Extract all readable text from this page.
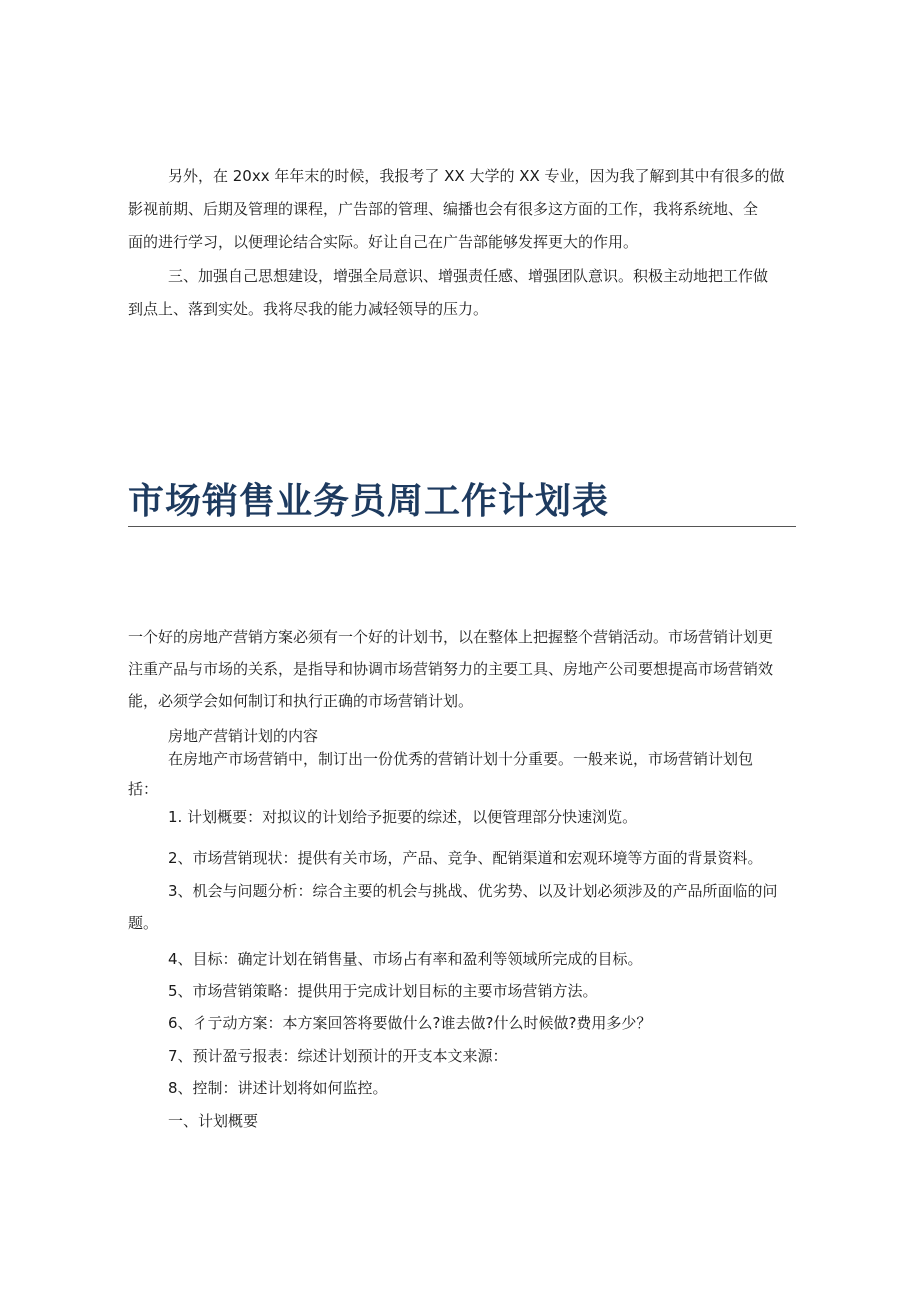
另外，在 20xx 年年末的时候，我报考了 XX 大学的 XX 专业，因为我了解到其中有很多的做

影视前期、后期及管理的课程，广告部的管理、编播也会有很多这方面的工作，我将系统地、全

面的进行学习，以便理论结合实际。好让自己在广告部能够发挥更大的作用。

三、加强自己思想建设，增强全局意识、增强责任感、增强团队意识。积极主动地把工作做

到点上、落到实处。我将尽我的能力减轻领导的压力。

市场销售业务员周工作计划表

一个好的房地产营销方案必须有一个好的计划书，以在整体上把握整个营销活动。市场营销计划更

注重产品与市场的关系，是指导和协调市场营销努力的主要工具、房地产公司要想提高市场营销效

能，必须学会如何制订和执行正确的市场营销计划。

房地产营销计划的内容

在房地产市场营销中，制订出一份优秀的营销计划十分重要。一般来说，市场营销计划包

括：

1. 计划概要：对拟议的计划给予扼要的综述，以便管理部分快速浏览。

2、市场营销现状：提供有关市场，产品、竞争、配销渠道和宏观环境等方面的背景资料。

3、机会与问题分析：综合主要的机会与挑战、优劣势、以及计划必须涉及的产品所面临的问

题。

4、目标：确定计划在销售量、市场占有率和盈利等领域所完成的目标。

5、市场营销策略：提供用于完成计划目标的主要市场营销方法。

6、彳亍动方案：本方案回答将要做什么?谁去做?什么时候做?费用多少？

7、预计盈亏报表：综述计划预计的开支本文来源：

8、控制：讲述计划将如何监控。

一、计划概要
